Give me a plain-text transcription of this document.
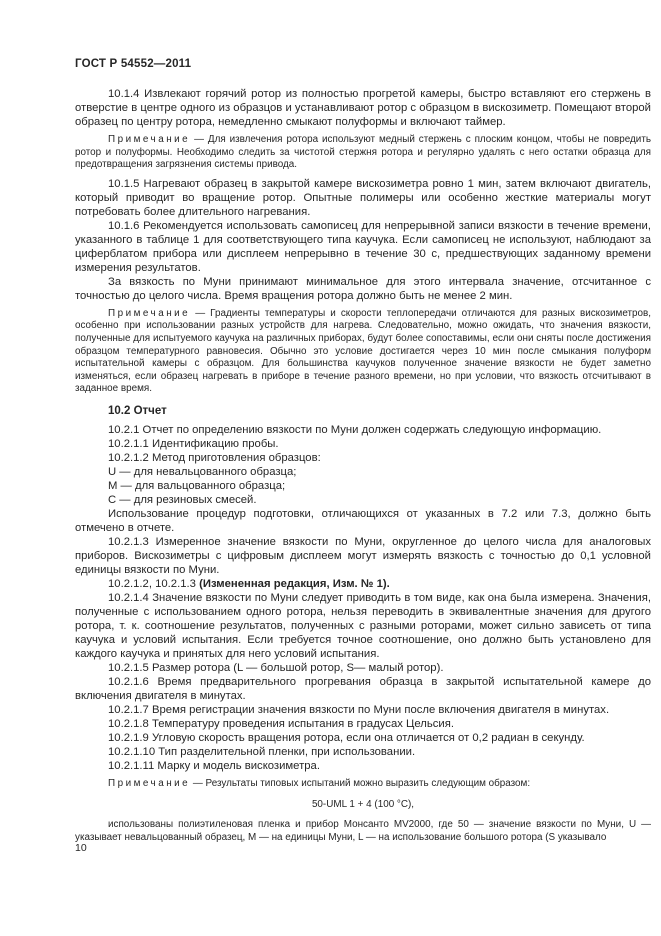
ГОСТ Р 54552—2011

10.1.4 Извлекают горячий ротор из полностью прогретой камеры, быстро вставляют его стержень в отверстие в центре одного из образцов и устанавливают ротор с образцом в вискозиметр. Помещают второй образец по центру ротора, немедленно смыкают полуформы и включают таймер.

Примечание — Для извлечения ротора используют медный стержень с плоским концом, чтобы не повредить ротор и полуформы. Необходимо следить за чистотой стержня ротора и регулярно удалять с него остатки образца для предотвращения загрязнения системы привода.

10.1.5 Нагревают образец в закрытой камере вискозиметра ровно 1 мин, затем включают двигатель, который приводит во вращение ротор. Опытные полимеры или особенно жесткие материалы могут потребовать более длительного нагревания.

10.1.6 Рекомендуется использовать самописец для непрерывной записи вязкости в течение времени, указанного в таблице 1 для соответствующего типа каучука. Если самописец не используют, наблюдают за циферблатом прибора или дисплеем непрерывно в течение 30 с, предшествующих заданному времени измерения результатов.

За вязкость по Муни принимают минимальное для этого интервала значение, отсчитанное с точностью до целого числа. Время вращения ротора должно быть не менее 2 мин.

Примечание — Градиенты температуры и скорости теплопередачи отличаются для разных вискозиметров, особенно при использовании разных устройств для нагрева. Следовательно, можно ожидать, что значения вязкости, полученные для испытуемого каучука на различных приборах, будут более сопоставимы, если они сняты после достижения образцом температурного равновесия. Обычно это условие достигается через 10 мин после смыкания полуформ испытательной камеры с образцом. Для большинства каучуков полученное значение вязкости не будет заметно изменяться, если образец нагревать в приборе в течение разного времени, но при условии, что вязкость отсчитывают в заданное время.

10.2 Отчет

10.2.1 Отчет по определению вязкости по Муни должен содержать следующую информацию.

10.2.1.1 Идентификацию пробы.

10.2.1.2 Метод приготовления образцов:

U — для невальцованного образца;

М — для вальцованного образца;

С — для резиновых смесей.

Использование процедур подготовки, отличающихся от указанных в 7.2 или 7.3, должно быть отмечено в отчете.

10.2.1.3 Измеренное значение вязкости по Муни, округленное до целого числа для аналоговых приборов. Вискозиметры с цифровым дисплеем могут измерять вязкость с точностью до 0,1 условной единицы вязкости по Муни.

10.2.1.2, 10.2.1.3 (Измененная редакция, Изм. № 1).

10.2.1.4 Значение вязкости по Муни следует приводить в том виде, как она была измерена. Значения, полученные с использованием одного ротора, нельзя переводить в эквивалентные значения для другого ротора, т. к. соотношение результатов, полученных с разными роторами, может сильно зависеть от типа каучука и условий испытания. Если требуется точное соотношение, оно должно быть установлено для каждого каучука и принятых для него условий испытания.

10.2.1.5 Размер ротора (L — большой ротор, S— малый ротор).

10.2.1.6 Время предварительного прогревания образца в закрытой испытательной камере до включения двигателя в минутах.

10.2.1.7 Время регистрации значения вязкости по Муни после включения двигателя в минутах.

10.2.1.8 Температуру проведения испытания в градусах Цельсия.

10.2.1.9 Угловую скорость вращения ротора, если она отличается от 0,2 радиан в секунду.

10.2.1.10 Тип разделительной пленки, при использовании.

10.2.1.11 Марку и модель вискозиметра.

Примечание — Результаты типовых испытаний можно выразить следующим образом:

50-UML 1 + 4 (100 °C),

использованы полиэтиленовая пленка и прибор Монсанто MV2000, где 50 — значение вязкости по Муни, U — указывает невальцованный образец, М — на единицы Муни, L — на использование большого ротора (S указывало

10
